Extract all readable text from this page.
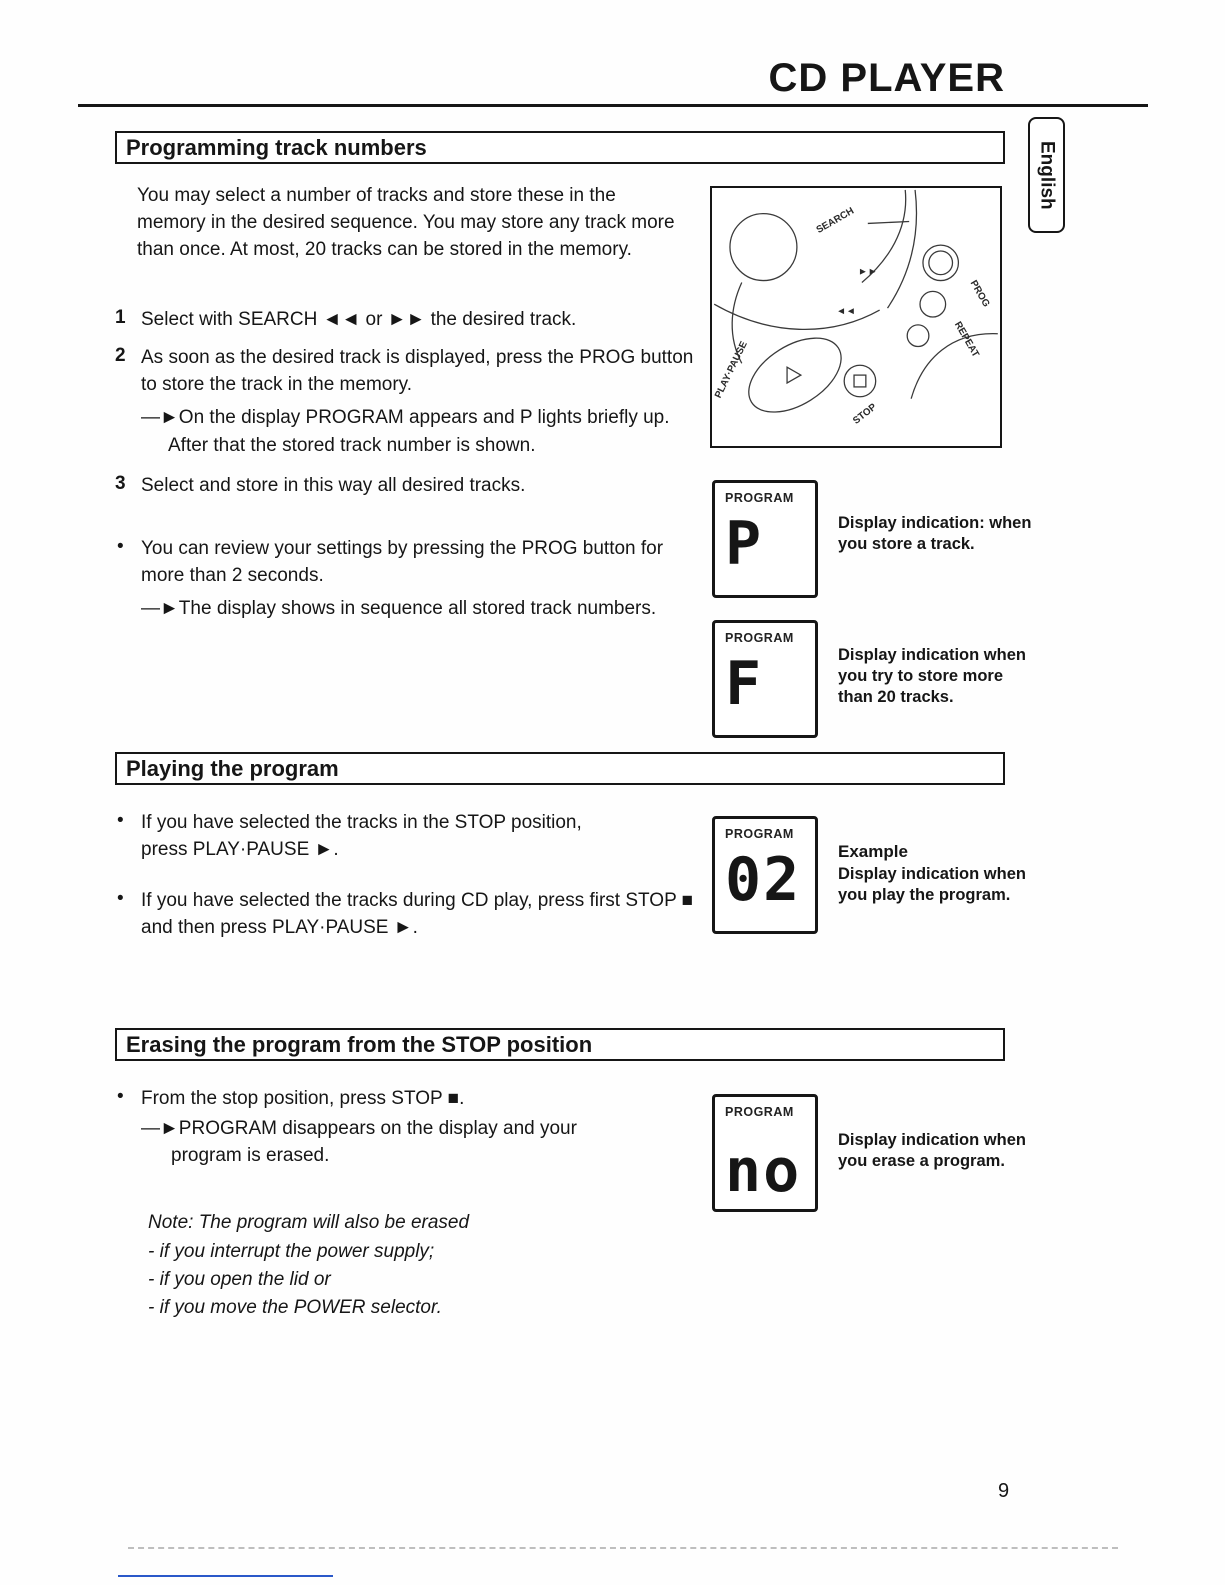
CD PLAYER
English
Programming track numbers
You may select a number of tracks and store these in the memory in the desired sequence. You may store any track more than once. At most, 20 tracks can be stored in the memory.
SEARCH
►►
◄◄
PROG
REPEAT
PLAY·PAUSE
STOP
1 Select with SEARCH ◄◄ or ►► the desired track.
2 As soon as the desired track is displayed, press the PROG button to store the track in the memory.
—►On the display PROGRAM appears and P lights briefly up.
After that the stored track number is shown.
3 Select and store in this way all desired tracks.
• You can review your settings by pressing the PROG button for more than 2 seconds.
—►The display shows in sequence all stored track numbers.
PROGRAM
P	Display indication: when you store a track.
PROGRAM
F	Display indication when you try to store more than 20 tracks.
Playing the program
• If you have selected the tracks in the STOP position, press PLAY·PAUSE ►.
• If you have selected the tracks during CD play, press first STOP ■ and then press PLAY·PAUSE ►.
PROGRAM
02 Example
Display indication when you play the program.
Erasing the program from the STOP position
• From the stop position, press STOP ■.
—►PROGRAM disappears on the display and your program is erased.
PROGRAM
no Display indication when you erase a program.
Note: The program will also be erased
- if you interrupt the power supply;
- if you open the lid or
- if you move the POWER selector.
9
